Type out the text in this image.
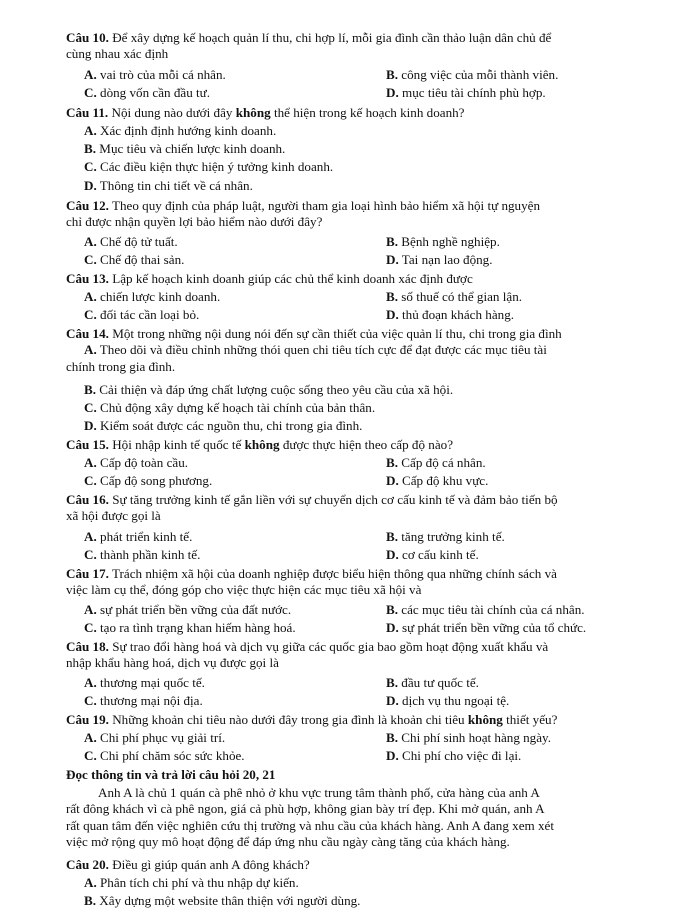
Câu 10. Để xây dựng kế hoạch quản lí thu, chi hợp lí, mỗi gia đình cần thảo luận dân chủ để
cùng nhau xác định
A. vai trò của mỗi cá nhân.	B. công việc của mỗi thành viên.
C. dòng vốn cần đầu tư.	D. mục tiêu tài chính phù hợp.
Câu 11. Nội dung nào dưới đây không thể hiện trong kế hoạch kinh doanh?
A. Xác định định hướng kinh doanh.
B. Mục tiêu và chiến lược kinh doanh.
C. Các điều kiện thực hiện ý tưởng kinh doanh.
D. Thông tin chi tiết về cá nhân.
Câu 12. Theo quy định của pháp luật, người tham gia loại hình bảo hiểm xã hội tự nguyện
chỉ được nhận quyền lợi bảo hiểm nào dưới đây?
A. Chế độ tử tuất.	B. Bệnh nghề nghiệp.
C. Chế độ thai sản.	D. Tai nạn lao động.
Câu 13. Lập kế hoạch kinh doanh giúp các chủ thể kinh doanh xác định được
A. chiến lược kinh doanh.	B. số thuế có thể gian lận.
C. đối tác cần loại bỏ.	D. thủ đoạn khách hàng.
Câu 14. Một trong những nội dung nói đến sự cần thiết của việc quản lí thu, chi trong gia đình
A. Theo dõi và điều chỉnh những thói quen chi tiêu tích cực để đạt được các mục tiêu tài
chính trong gia đình.
B. Cải thiện và đáp ứng chất lượng cuộc sống theo yêu cầu của xã hội.
C. Chủ động xây dựng kế hoạch tài chính của bản thân.
D. Kiểm soát được các nguồn thu, chi trong gia đình.
Câu 15. Hội nhập kinh tế quốc tế không được thực hiện theo cấp độ nào?
A. Cấp độ toàn cầu.	B. Cấp độ cá nhân.
C. Cấp độ song phương.	D. Cấp độ khu vực.
Câu 16. Sự tăng trưởng kinh tế gắn liền với sự chuyển dịch cơ cấu kinh tế và đảm bảo tiến bộ
xã hội được gọi là
A. phát triển kinh tế.	B. tăng trưởng kinh tế.
C. thành phần kinh tế.	D. cơ cấu kinh tế.
Câu 17. Trách nhiệm xã hội của doanh nghiệp được biểu hiện thông qua những chính sách và
việc làm cụ thể, đóng góp cho việc thực hiện các mục tiêu xã hội và
A. sự phát triển bền vững của đất nước.	B. các mục tiêu tài chính của cá nhân.
C. tạo ra tình trạng khan hiếm hàng hoá.	D. sự phát triển bền vững của tổ chức.
Câu 18. Sự trao đổi hàng hoá và dịch vụ giữa các quốc gia bao gồm hoạt động xuất khẩu và
nhập khẩu hàng hoá, dịch vụ được gọi là
A. thương mại quốc tế.	B. đầu tư quốc tế.
C. thương mại nội địa.	D. dịch vụ thu ngoại tệ.
Câu 19. Những khoản chi tiêu nào dưới đây trong gia đình là khoản chi tiêu không thiết yếu?
A. Chi phí phục vụ giải trí.	B. Chi phí sinh hoạt hàng ngày.
C. Chi phí chăm sóc sức khỏe.	D. Chi phí cho việc đi lại.
Đọc thông tin và trả lời câu hỏi 20, 21
Anh A là chủ 1 quán cà phê nhỏ ở khu vực trung tâm thành phố, cửa hàng của anh A
rất đông khách vì cà phê ngon, giá cả phù hợp, không gian bày trí đẹp. Khi mở quán, anh A
rất quan tâm đến việc nghiên cứu thị trường và nhu cầu của khách hàng. Anh A đang xem xét
việc mở rộng quy mô hoạt động để đáp ứng nhu cầu ngày càng tăng của khách hàng.
Câu 20. Điều gì giúp quán anh A đông khách?
A. Phân tích chi phí và thu nhập dự kiến.
B. Xây dựng một website thân thiện với người dùng.
